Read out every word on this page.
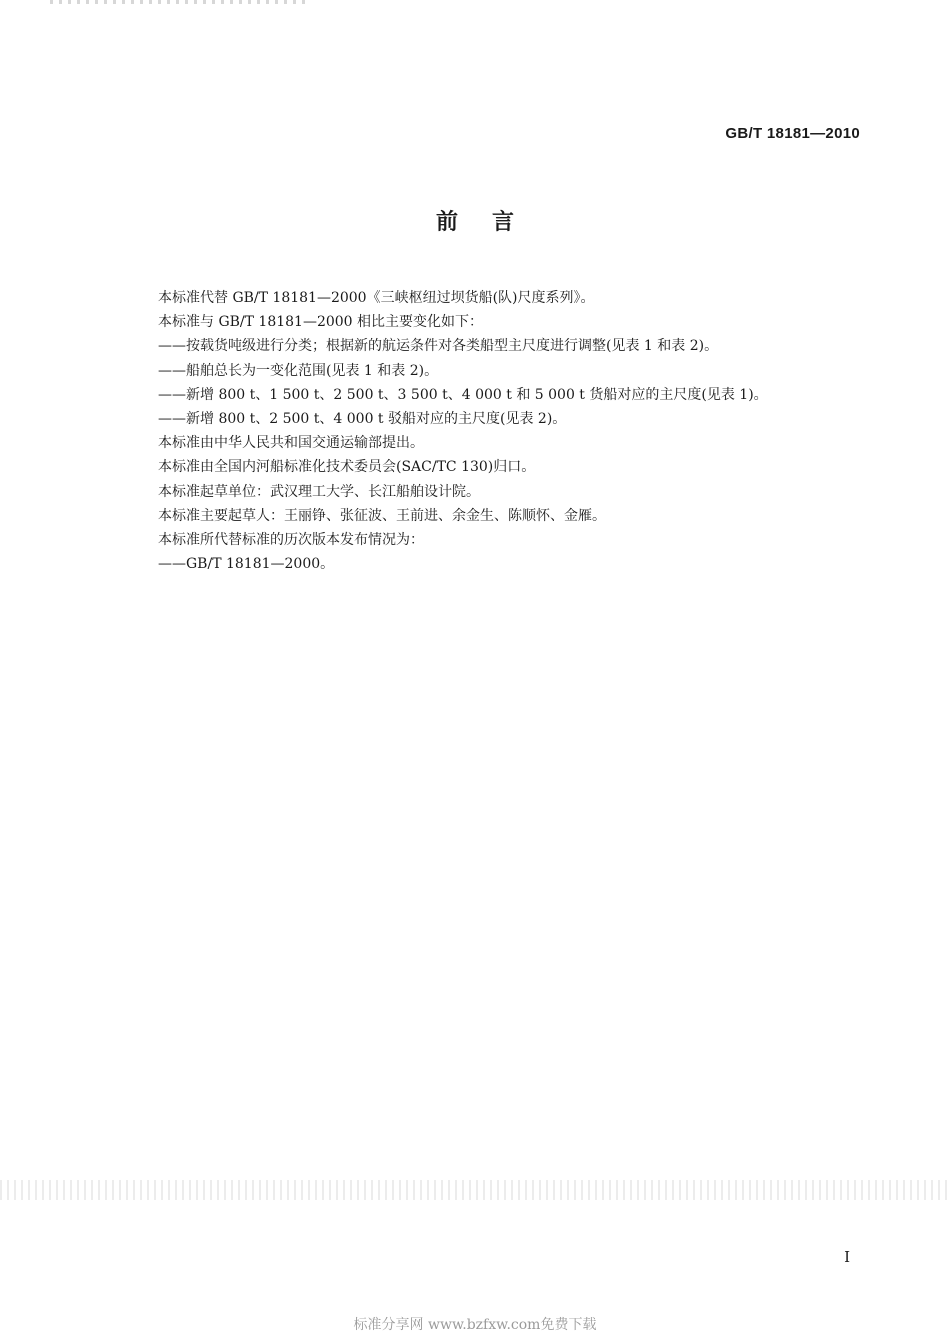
GB/T 18181—2010
前言

本标准代替 GB/T 18181—2000《三峡枢纽过坝货船(队)尺度系列》。

本标准与 GB/T 18181—2000 相比主要变化如下：

——按载货吨级进行分类；根据新的航运条件对各类船型主尺度进行调整(见表 1 和表 2)。

——船舶总长为一变化范围(见表 1 和表 2)。

——新增 800 t、1 500 t、2 500 t、3 500 t、4 000 t 和 5 000 t 货船对应的主尺度(见表 1)。

——新增 800 t、2 500 t、4 000 t 驳船对应的主尺度(见表 2)。

本标准由中华人民共和国交通运输部提出。

本标准由全国内河船标准化技术委员会(SAC/TC 130)归口。

本标准起草单位：武汉理工大学、长江船舶设计院。

本标准主要起草人：王丽铮、张征波、王前进、余金生、陈顺怀、金雁。

本标准所代替标准的历次版本发布情况为：

——GB/T 18181—2000。

I
标准分享网 www.bzfxw.com免费下载
